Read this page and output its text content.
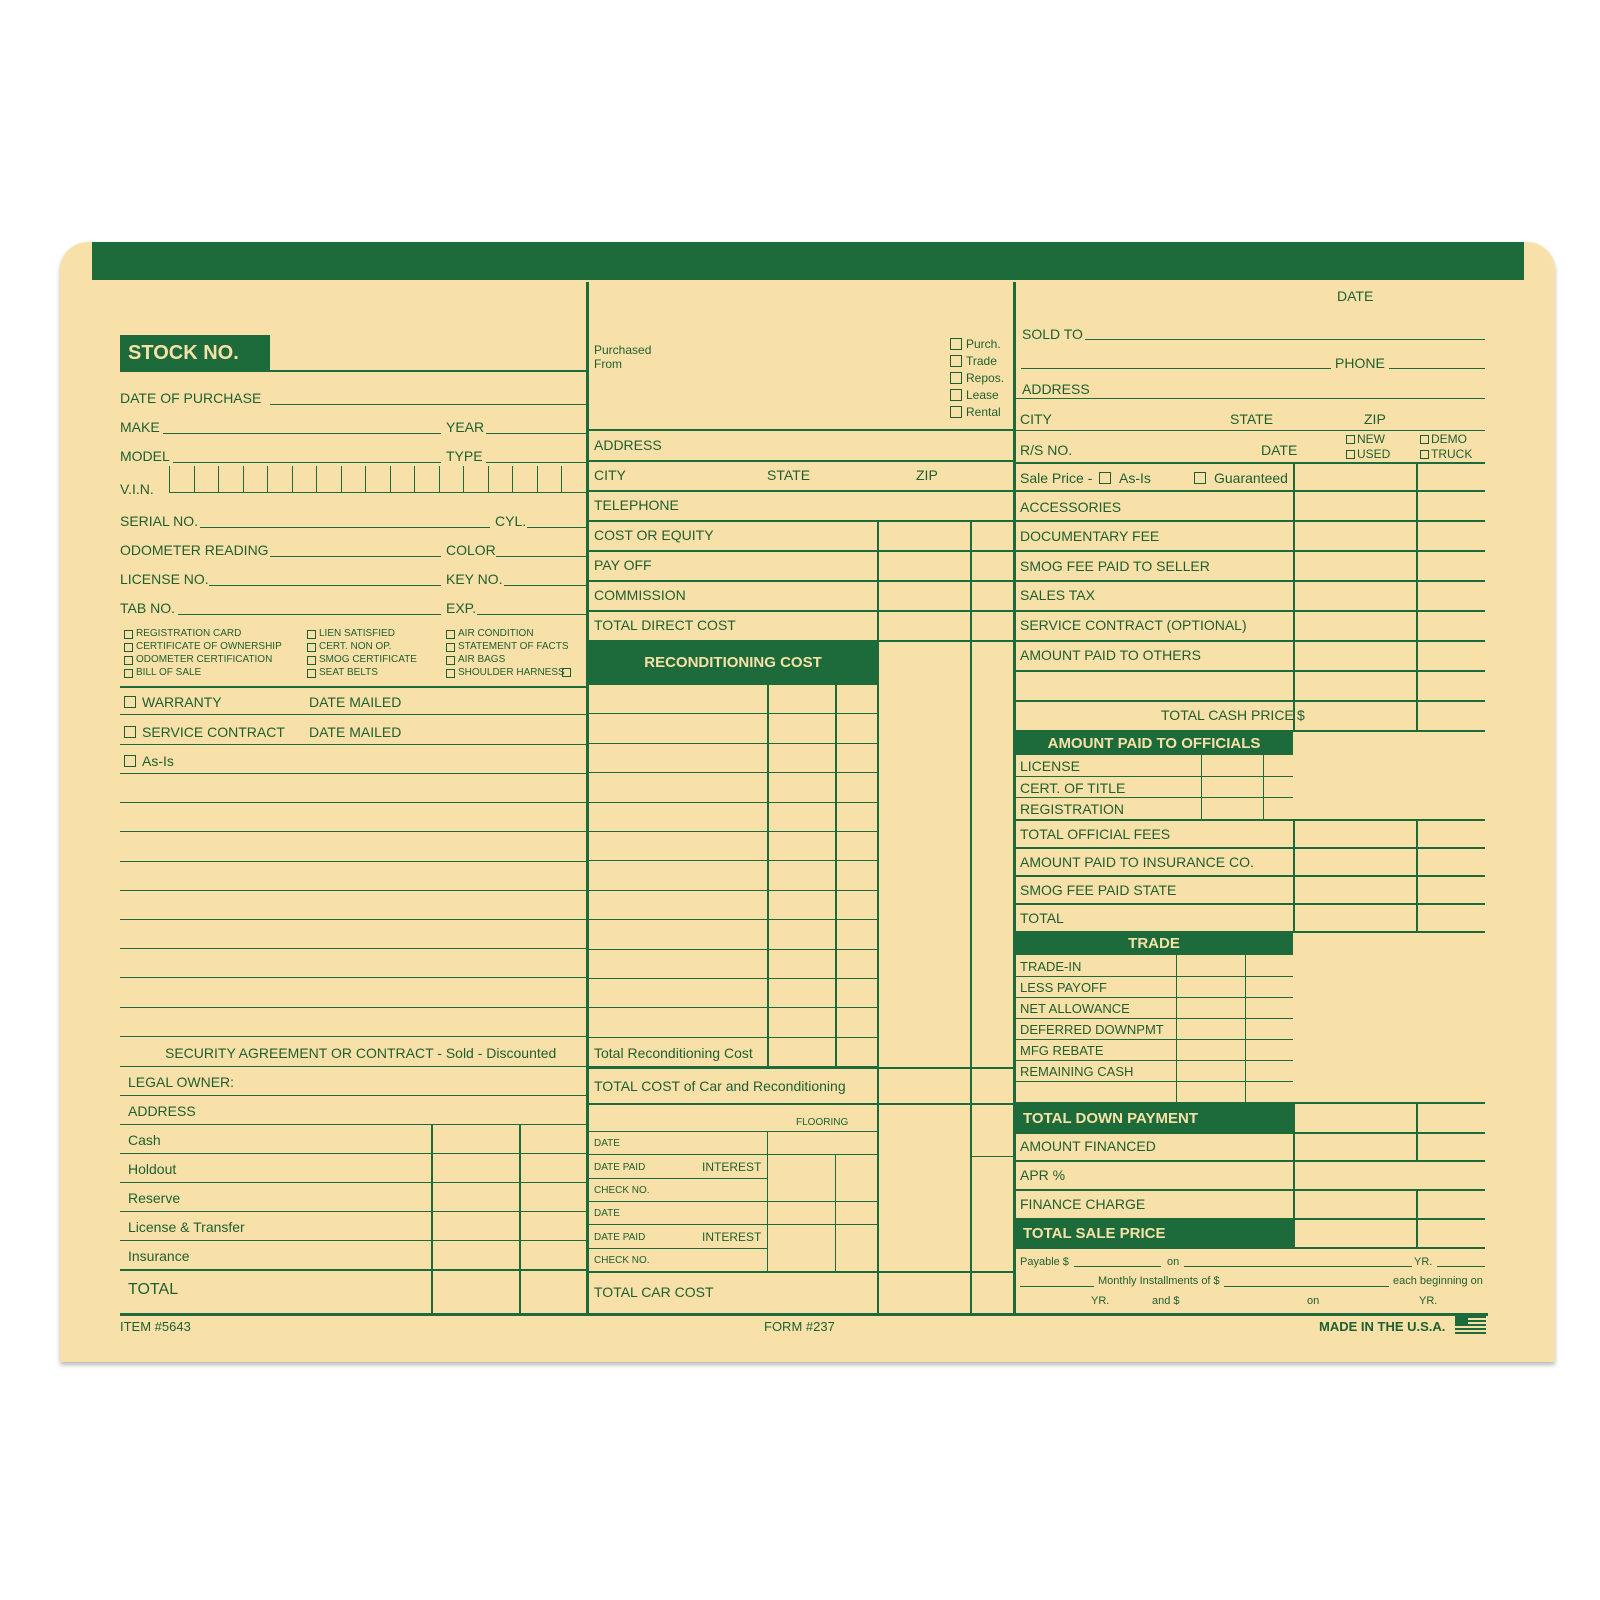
STOCK NO.
DATE OF PURCHASE
MAKE	YEAR
MODEL	TYPE
V.I.N.
SERIAL NO.	CYL.
ODOMETER READING	COLOR
LICENSE NO.	KEY NO.
TAB NO.	EXP.
REGISTRATION CARD
CERTIFICATE OF OWNERSHIP
ODOMETER CERTIFICATION
BILL OF SALE
LIEN SATISFIED
CERT. NON OP.
SMOG CERTIFICATE
SEAT BELTS
AIR CONDITION
STATEMENT OF FACTS
AIR BAGS
SHOULDER HARNESS
WARRANTY	DATE MAILED
SERVICE CONTRACT DATE MAILED
As-Is
SECURITY AGREEMENT OR CONTRACT - Sold - Discounted
LEGAL OWNER:
ADDRESS
Cash
Holdout
Reserve
License & Transfer
Insurance
TOTAL
Purchased
From
Purch.
Trade
Repos.
Lease
Rental
ADDRESS
CITY	STATE	ZIP
TELEPHONE
COST OR EQUITY
PAY OFF
COMMISSION
TOTAL DIRECT COST
RECONDITIONING COST
Total Reconditioning Cost
TOTAL COST of Car and Reconditioning
FLOORING
DATE
DATE PAID	INTEREST
CHECK NO.
DATE
DATE PAID	INTEREST
CHECK NO.
TOTAL CAR COST
DATE
SOLD TO
PHONE
ADDRESS
CITY	STATE	ZIP
R/S NO.	DATE
NEW
USED
DEMO
TRUCK
Sale Price - As-Is	Guaranteed
ACCESSORIES
DOCUMENTARY FEE
SMOG FEE PAID TO SELLER
SALES TAX
SERVICE CONTRACT (OPTIONAL)
AMOUNT PAID TO OTHERS
TOTAL CASH PRICE $
AMOUNT PAID TO OFFICIALS
LICENSE
CERT. OF TITLE
REGISTRATION
TOTAL OFFICIAL FEES
AMOUNT PAID TO INSURANCE CO.
SMOG FEE PAID STATE
TOTAL
TRADE
TRADE-IN
LESS PAYOFF
NET ALLOWANCE
DEFERRED DOWNPMT
MFG REBATE
REMAINING CASH
TOTAL DOWN PAYMENT
AMOUNT FINANCED
APR %
FINANCE CHARGE
TOTAL SALE PRICE
Payable $	on	YR.
Monthly Installments of $	each beginning on
YR.	and $	on	YR.
ITEM #5643	FORM #237	MADE IN THE U.S.A.
